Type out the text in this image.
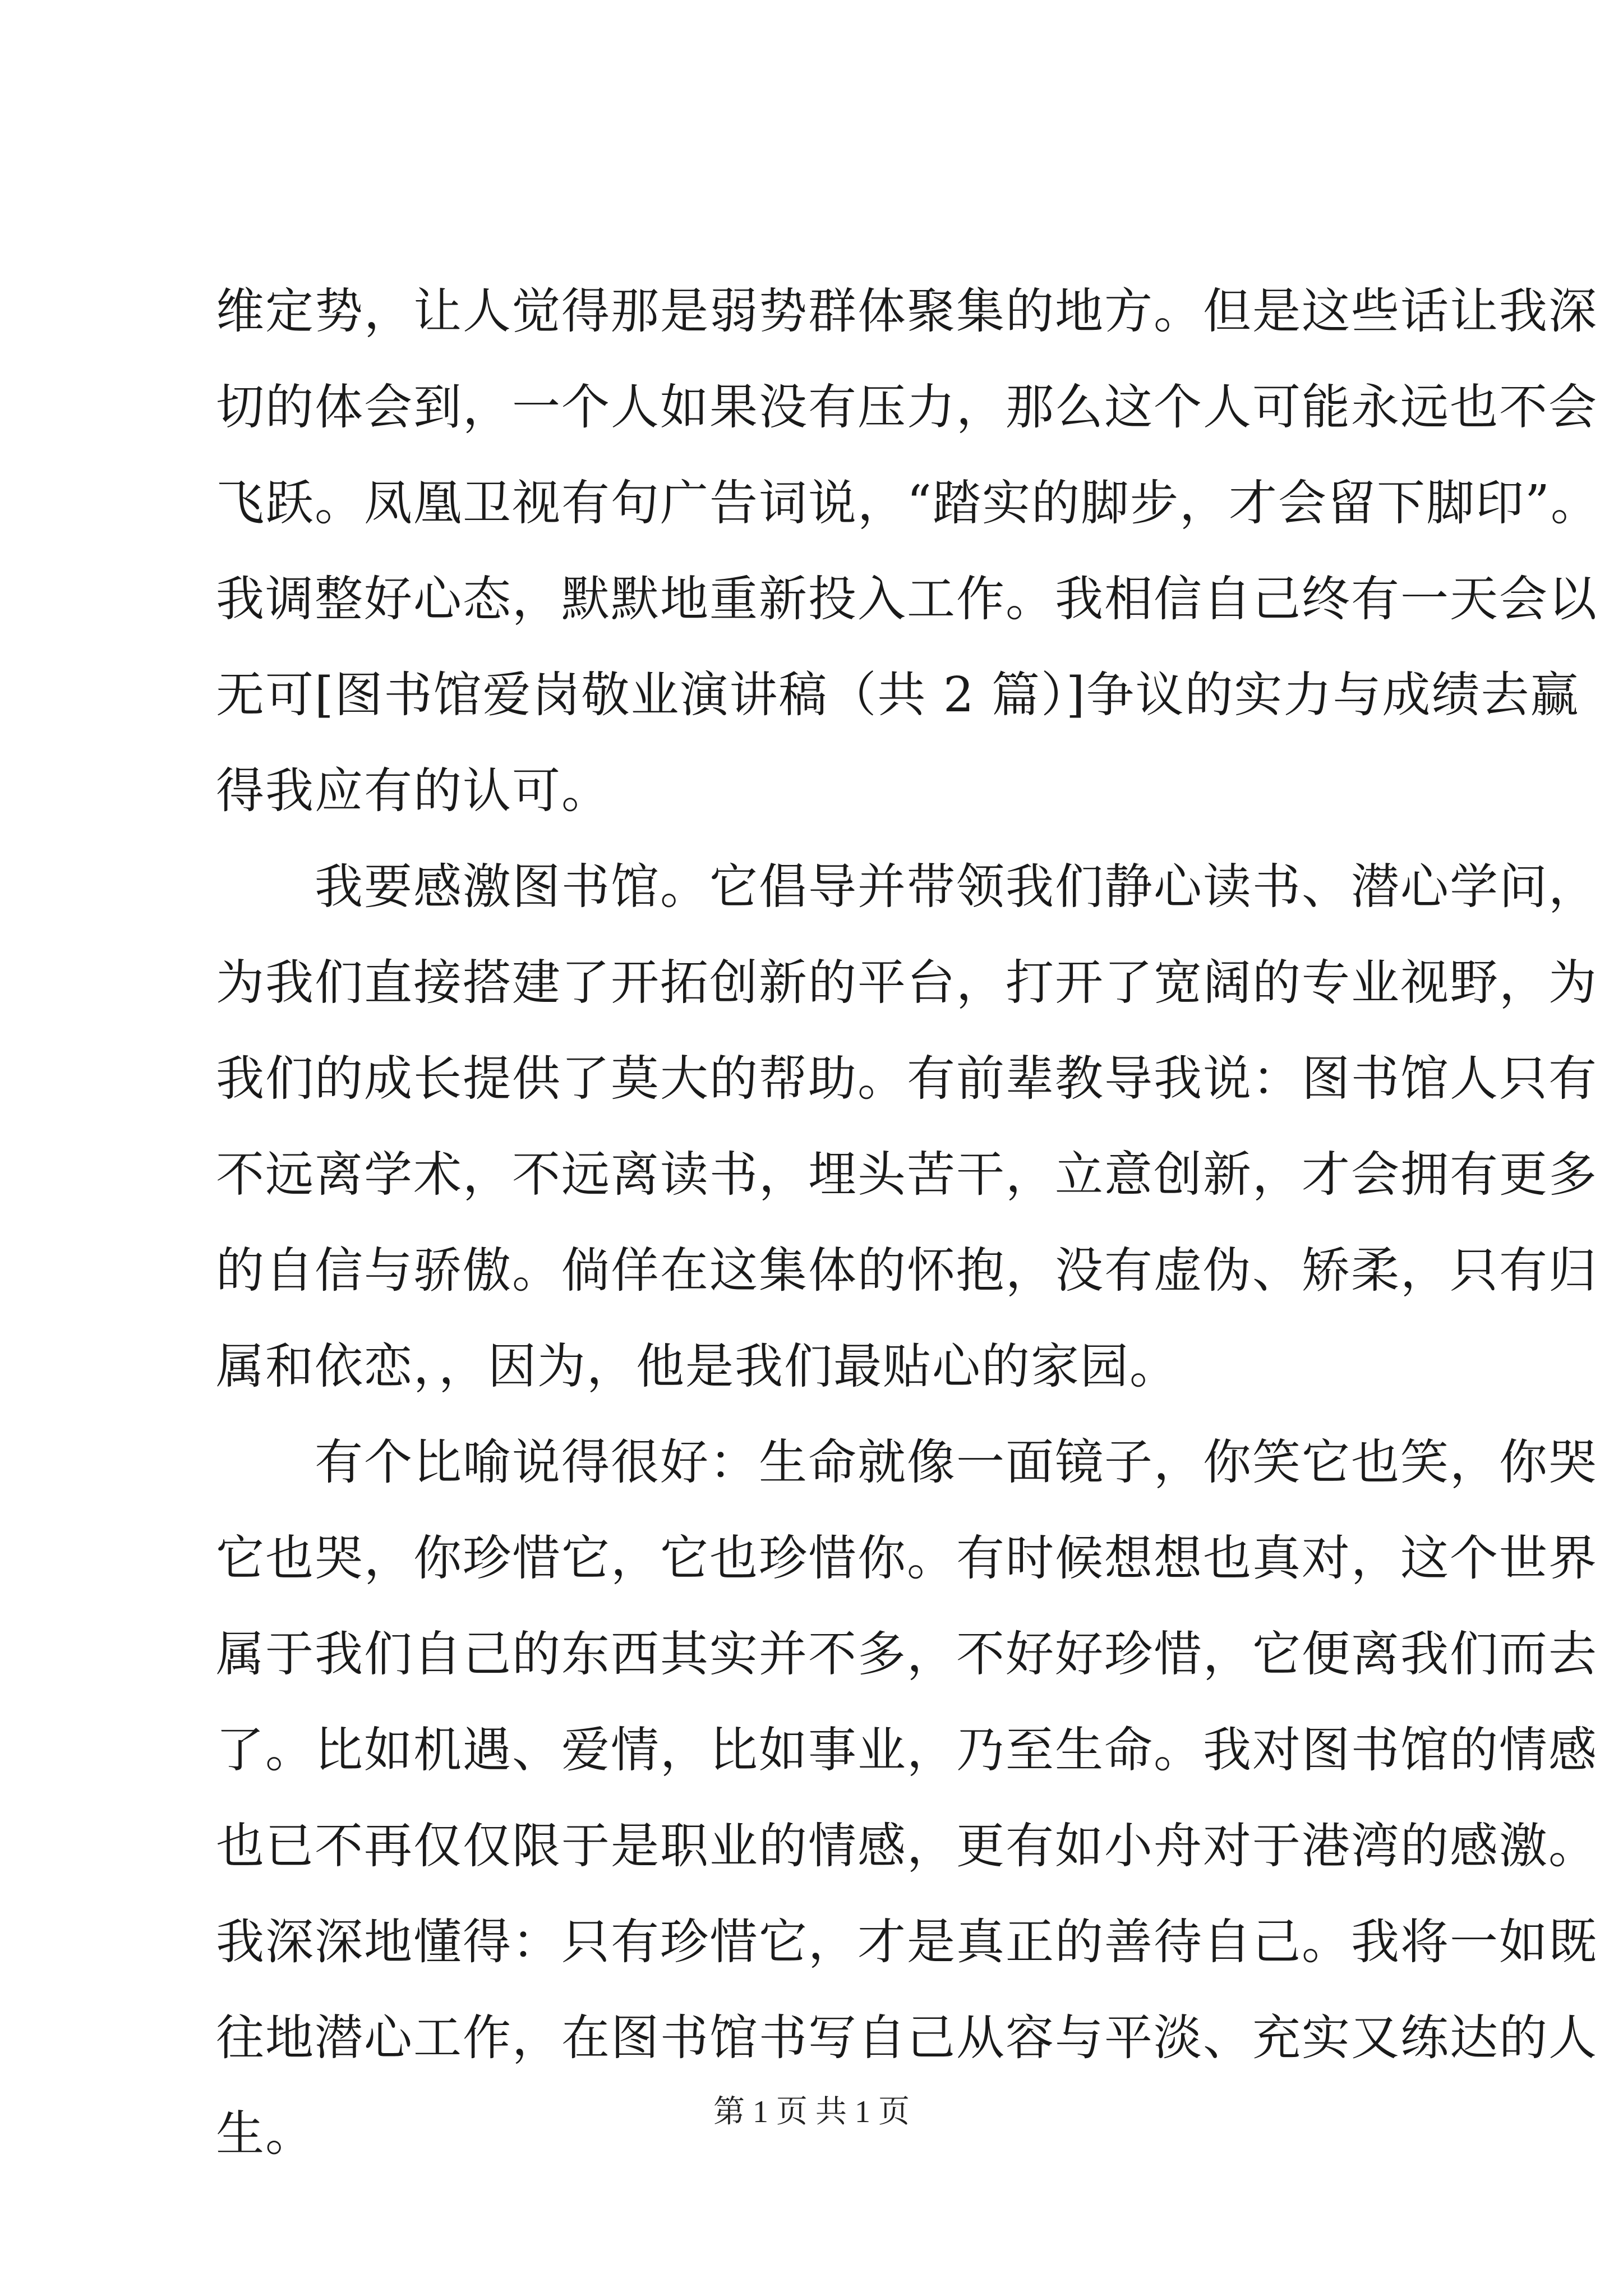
维定势，让人觉得那是弱势群体聚集的地方。但是这些话让我深
切的体会到，一个人如果没有压力，那么这个人可能永远也不会
飞跃。凤凰卫视有句广告词说，“踏实的脚步，才会留下脚印”。
我调整好心态，默默地重新投入工作。我相信自己终有一天会以
无可[图书馆爱岗敬业演讲稿（共 2 篇）]争议的实力与成绩去赢
得我应有的认可。
　　我要感激图书馆。它倡导并带领我们静心读书、潜心学问，
为我们直接搭建了开拓创新的平台，打开了宽阔的专业视野，为
我们的成长提供了莫大的帮助。有前辈教导我说：图书馆人只有
不远离学术，不远离读书，埋头苦干，立意创新，才会拥有更多
的自信与骄傲。倘佯在这集体的怀抱，没有虚伪、矫柔，只有归
属和依恋，，因为，他是我们最贴心的家园。
　　有个比喻说得很好：生命就像一面镜子，你笑它也笑，你哭
它也哭，你珍惜它，它也珍惜你。有时候想想也真对，这个世界
属于我们自己的东西其实并不多，不好好珍惜，它便离我们而去
了。比如机遇、爱情，比如事业，乃至生命。我对图书馆的情感
也已不再仅仅限于是职业的情感，更有如小舟对于港湾的感激。
我深深地懂得：只有珍惜它，才是真正的善待自己。我将一如既
往地潜心工作，在图书馆书写自己从容与平淡、充实又练达的人
生。	第 1 页 共 1 页
